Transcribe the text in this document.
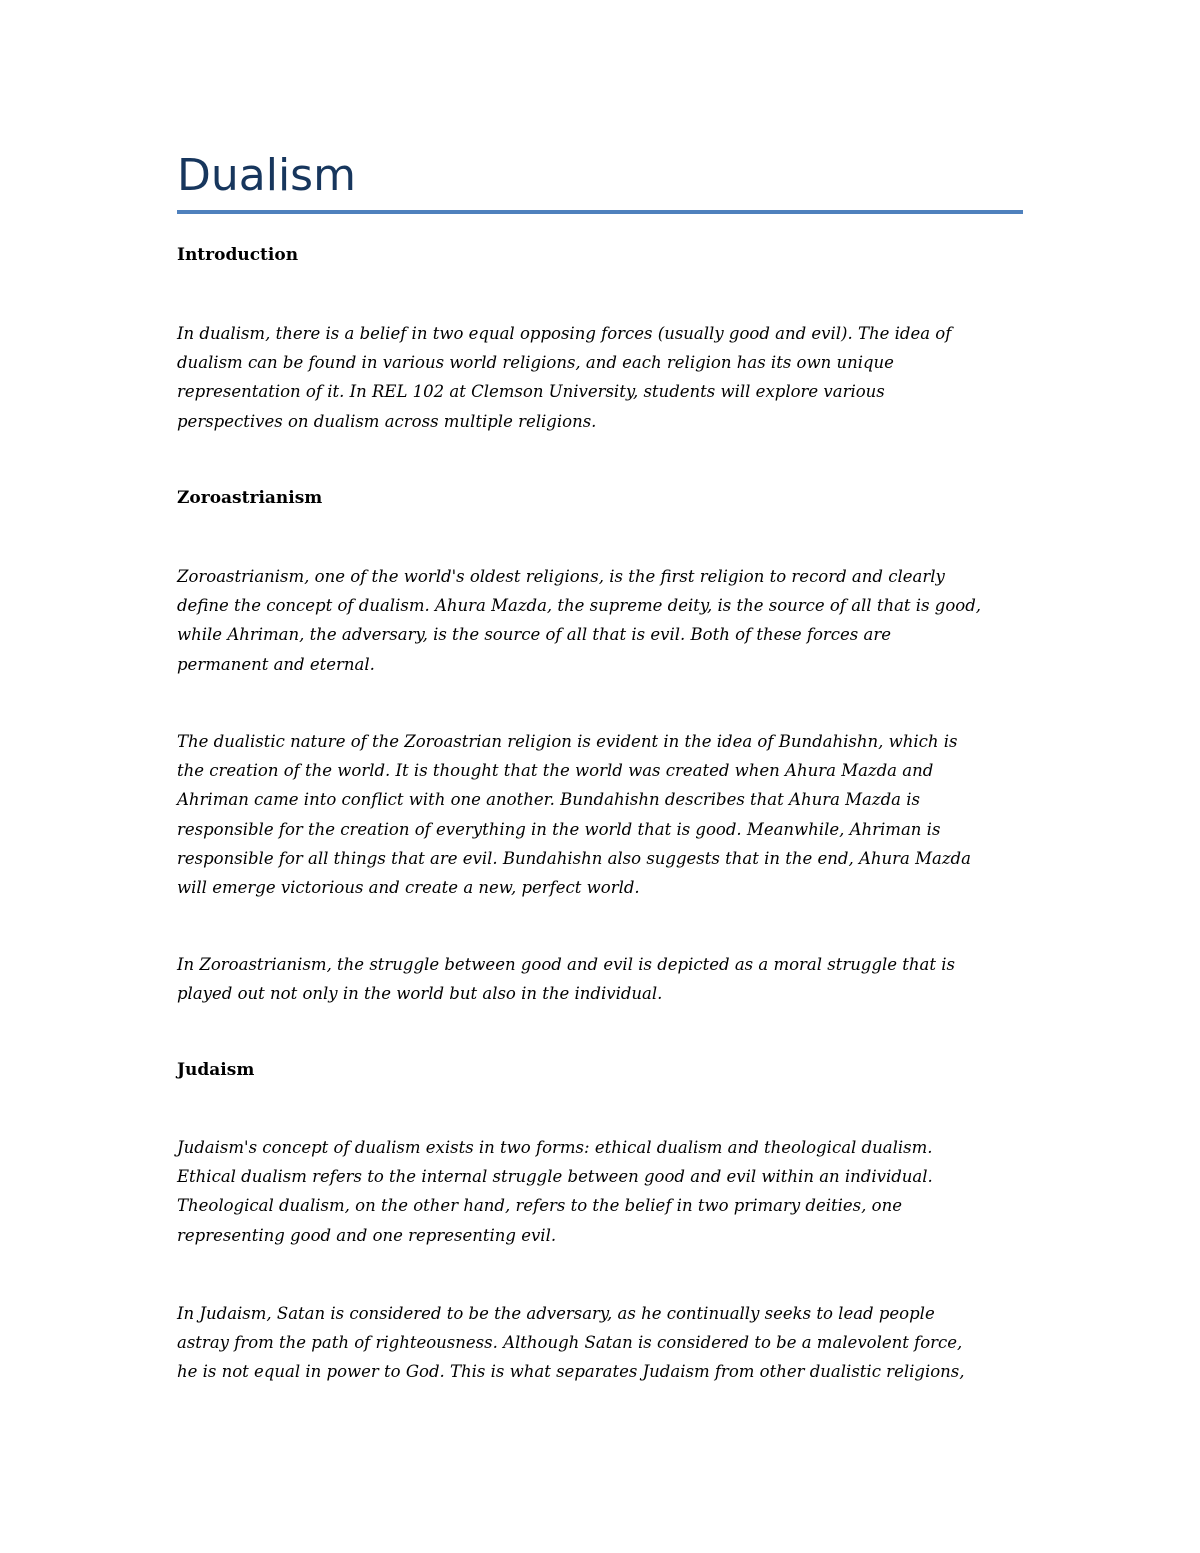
Dualism
Introduction

In dualism, there is a belief in two equal opposing forces (usually good and evil). The idea of
dualism can be found in various world religions, and each religion has its own unique
representation of it. In REL 102 at Clemson University, students will explore various
perspectives on dualism across multiple religions.

Zoroastrianism

Zoroastrianism, one of the world's oldest religions, is the first religion to record and clearly
define the concept of dualism. Ahura Mazda, the supreme deity, is the source of all that is good,
while Ahriman, the adversary, is the source of all that is evil. Both of these forces are
permanent and eternal.

The dualistic nature of the Zoroastrian religion is evident in the idea of Bundahishn, which is
the creation of the world. It is thought that the world was created when Ahura Mazda and
Ahriman came into conflict with one another. Bundahishn describes that Ahura Mazda is
responsible for the creation of everything in the world that is good. Meanwhile, Ahriman is
responsible for all things that are evil. Bundahishn also suggests that in the end, Ahura Mazda
will emerge victorious and create a new, perfect world.

In Zoroastrianism, the struggle between good and evil is depicted as a moral struggle that is
played out not only in the world but also in the individual.

Judaism

Judaism's concept of dualism exists in two forms: ethical dualism and theological dualism.
Ethical dualism refers to the internal struggle between good and evil within an individual.
Theological dualism, on the other hand, refers to the belief in two primary deities, one
representing good and one representing evil.

In Judaism, Satan is considered to be the adversary, as he continually seeks to lead people
astray from the path of righteousness. Although Satan is considered to be a malevolent force,
he is not equal in power to God. This is what separates Judaism from other dualistic religions,
